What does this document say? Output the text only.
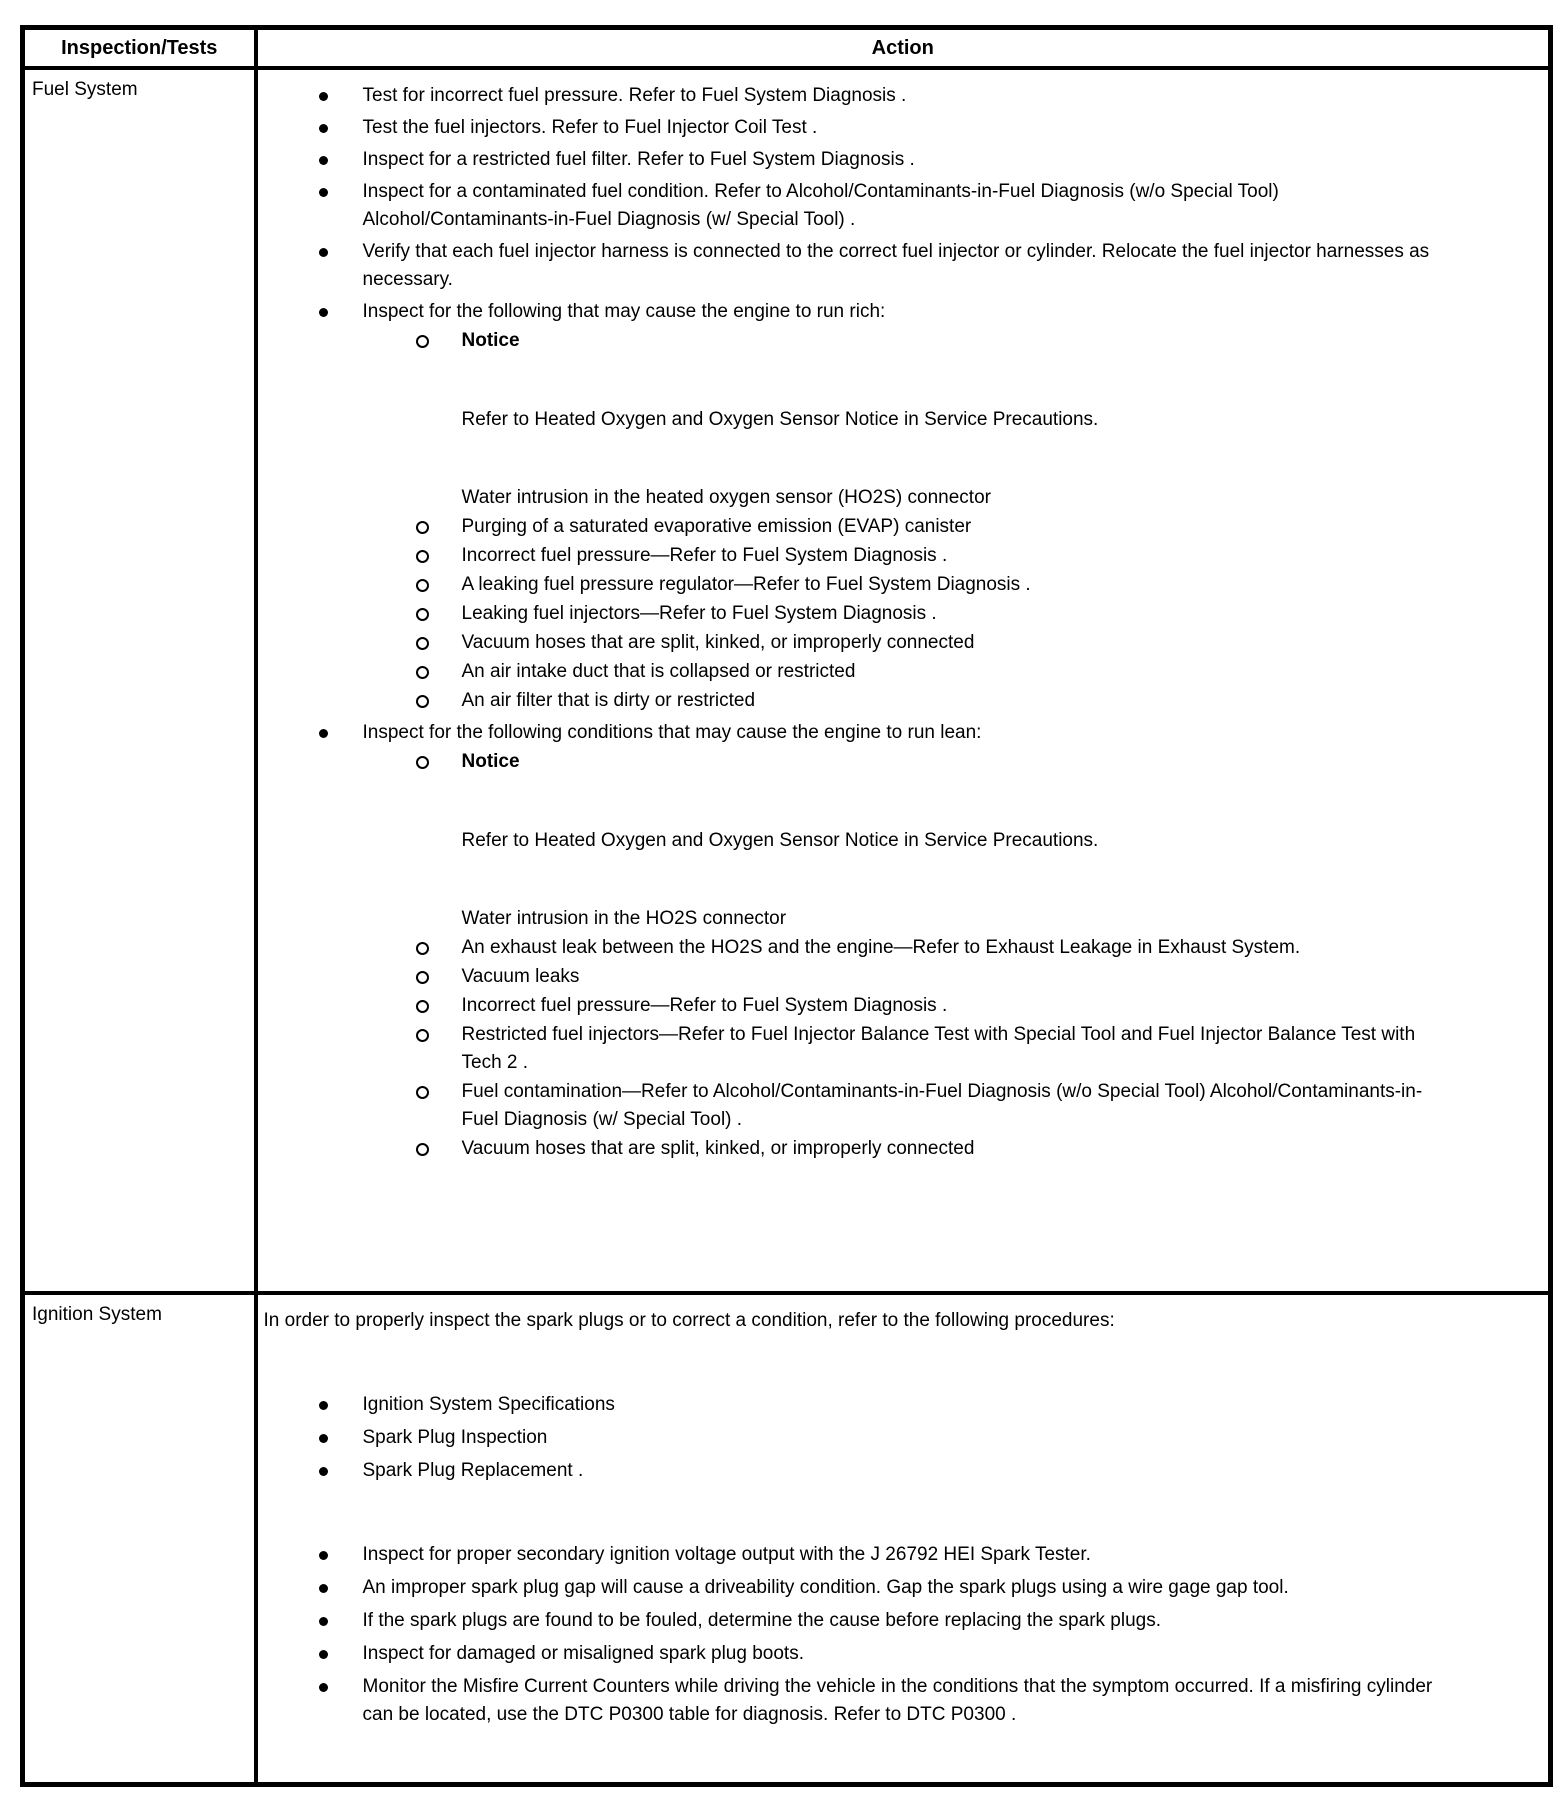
Inspection/Tests	Action
Fuel System	Test for incorrect fuel pressure. Refer to Fuel System Diagnosis .
Test the fuel injectors. Refer to Fuel Injector Coil Test .
Inspect for a restricted fuel filter. Refer to Fuel System Diagnosis .
Inspect for a contaminated fuel condition. Refer to Alcohol/Contaminants-in-Fuel Diagnosis (w/o Special Tool) Alcohol/Contaminants-in-Fuel Diagnosis (w/ Special Tool) .
Verify that each fuel injector harness is connected to the correct fuel injector or cylinder. Relocate the fuel injector harnesses as necessary.
Inspect for the following that may cause the engine to run rich:
Notice

Refer to Heated Oxygen and Oxygen Sensor Notice in Service Precautions.

Water intrusion in the heated oxygen sensor (HO2S) connector

Purging of a saturated evaporative emission (EVAP) canister
Incorrect fuel pressure—Refer to Fuel System Diagnosis .
A leaking fuel pressure regulator—Refer to Fuel System Diagnosis .
Leaking fuel injectors—Refer to Fuel System Diagnosis .
Vacuum hoses that are split, kinked, or improperly connected
An air intake duct that is collapsed or restricted
An air filter that is dirty or restricted
Inspect for the following conditions that may cause the engine to run lean:
Notice

Refer to Heated Oxygen and Oxygen Sensor Notice in Service Precautions.

Water intrusion in the HO2S connector

An exhaust leak between the HO2S and the engine—Refer to Exhaust Leakage in Exhaust System.
Vacuum leaks
Incorrect fuel pressure—Refer to Fuel System Diagnosis .
Restricted fuel injectors—Refer to Fuel Injector Balance Test with Special Tool and Fuel Injector Balance Test with Tech 2 .
Fuel contamination—Refer to Alcohol/Contaminants-in-Fuel Diagnosis (w/o Special Tool) Alcohol/Contaminants-in-Fuel Diagnosis (w/ Special Tool) .
Vacuum hoses that are split, kinked, or improperly connected

Ignition System	In order to properly inspect the spark plugs or to correct a condition, refer to the following procedures:

Ignition System Specifications
Spark Plug Inspection
Spark Plug Replacement .
Inspect for proper secondary ignition voltage output with the J 26792 HEI Spark Tester.
An improper spark plug gap will cause a driveability condition. Gap the spark plugs using a wire gage gap tool.
If the spark plugs are found to be fouled, determine the cause before replacing the spark plugs.
Inspect for damaged or misaligned spark plug boots.
Monitor the Misfire Current Counters while driving the vehicle in the conditions that the symptom occurred. If a misfiring cylinder can be located, use the DTC P0300 table for diagnosis. Refer to DTC P0300 .
